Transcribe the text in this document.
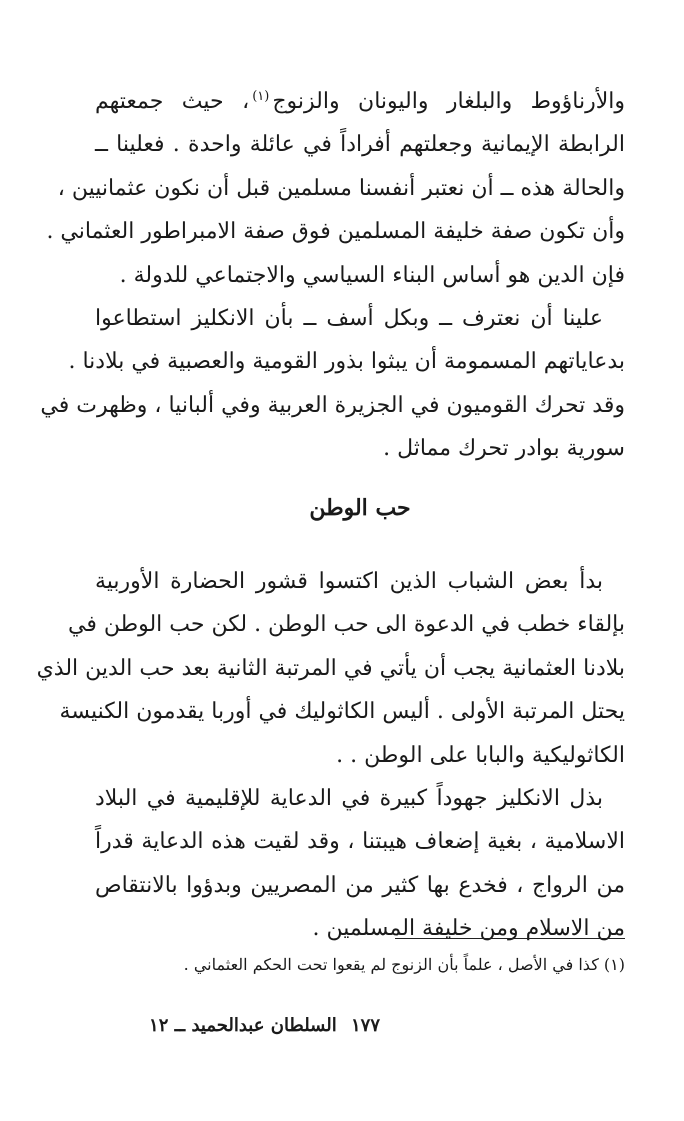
والأرناؤوط والبلغار واليونان والزنوج$^{(١)}$، حيث جمعتهم
الرابطة الإيمانية وجعلتهم أفراداً في عائلة واحدة . فعلينا ــ
والحالة هذه ــ أن نعتبر أنفسنا مسلمين قبل أن نكون عثمانيين ،
وأن تكون صفة خليفة المسلمين فوق صفة الامبراطور العثماني .
فإن الدين هو أساس البناء السياسي والاجتماعي للدولة .
علينا أن نعترف ــ وبكل أسف ــ بأن الانكليز استطاعوا
بدعاياتهم المسمومة أن يبثوا بذور القومية والعصبية في بلادنا .
وقد تحرك القوميون في الجزيرة العربية وفي ألبانيا ، وظهرت في
سورية بوادر تحرك مماثل .
حب الوطن
بدأ بعض الشباب الذين اكتسوا قشور الحضارة الأوربية
بإلقاء خطب في الدعوة الى حب الوطن . لكن حب الوطن في
بلادنا العثمانية يجب أن يأتي في المرتبة الثانية بعد حب الدين الذي
يحتل المرتبة الأولى . أليس الكاثوليك في أوربا يقدمون الكنيسة
الكاثوليكية والبابا على الوطن . .
بذل الانكليز جهوداً كبيرة في الدعاية للإقليمية في البلاد
الاسلامية ، بغية إضعاف هيبتنا ، وقد لقيت هذه الدعاية قدراً
من الرواج ، فخدع بها كثير من المصريين وبدؤوا بالانتقاص
من الاسلام ومن خليفة المسلمين .
(١) كذا في الأصل ، علماً بأن الزنوج لم يقعوا تحت الحكم العثماني .
١٧٧ السلطان عبدالحميد ــ ١٢
